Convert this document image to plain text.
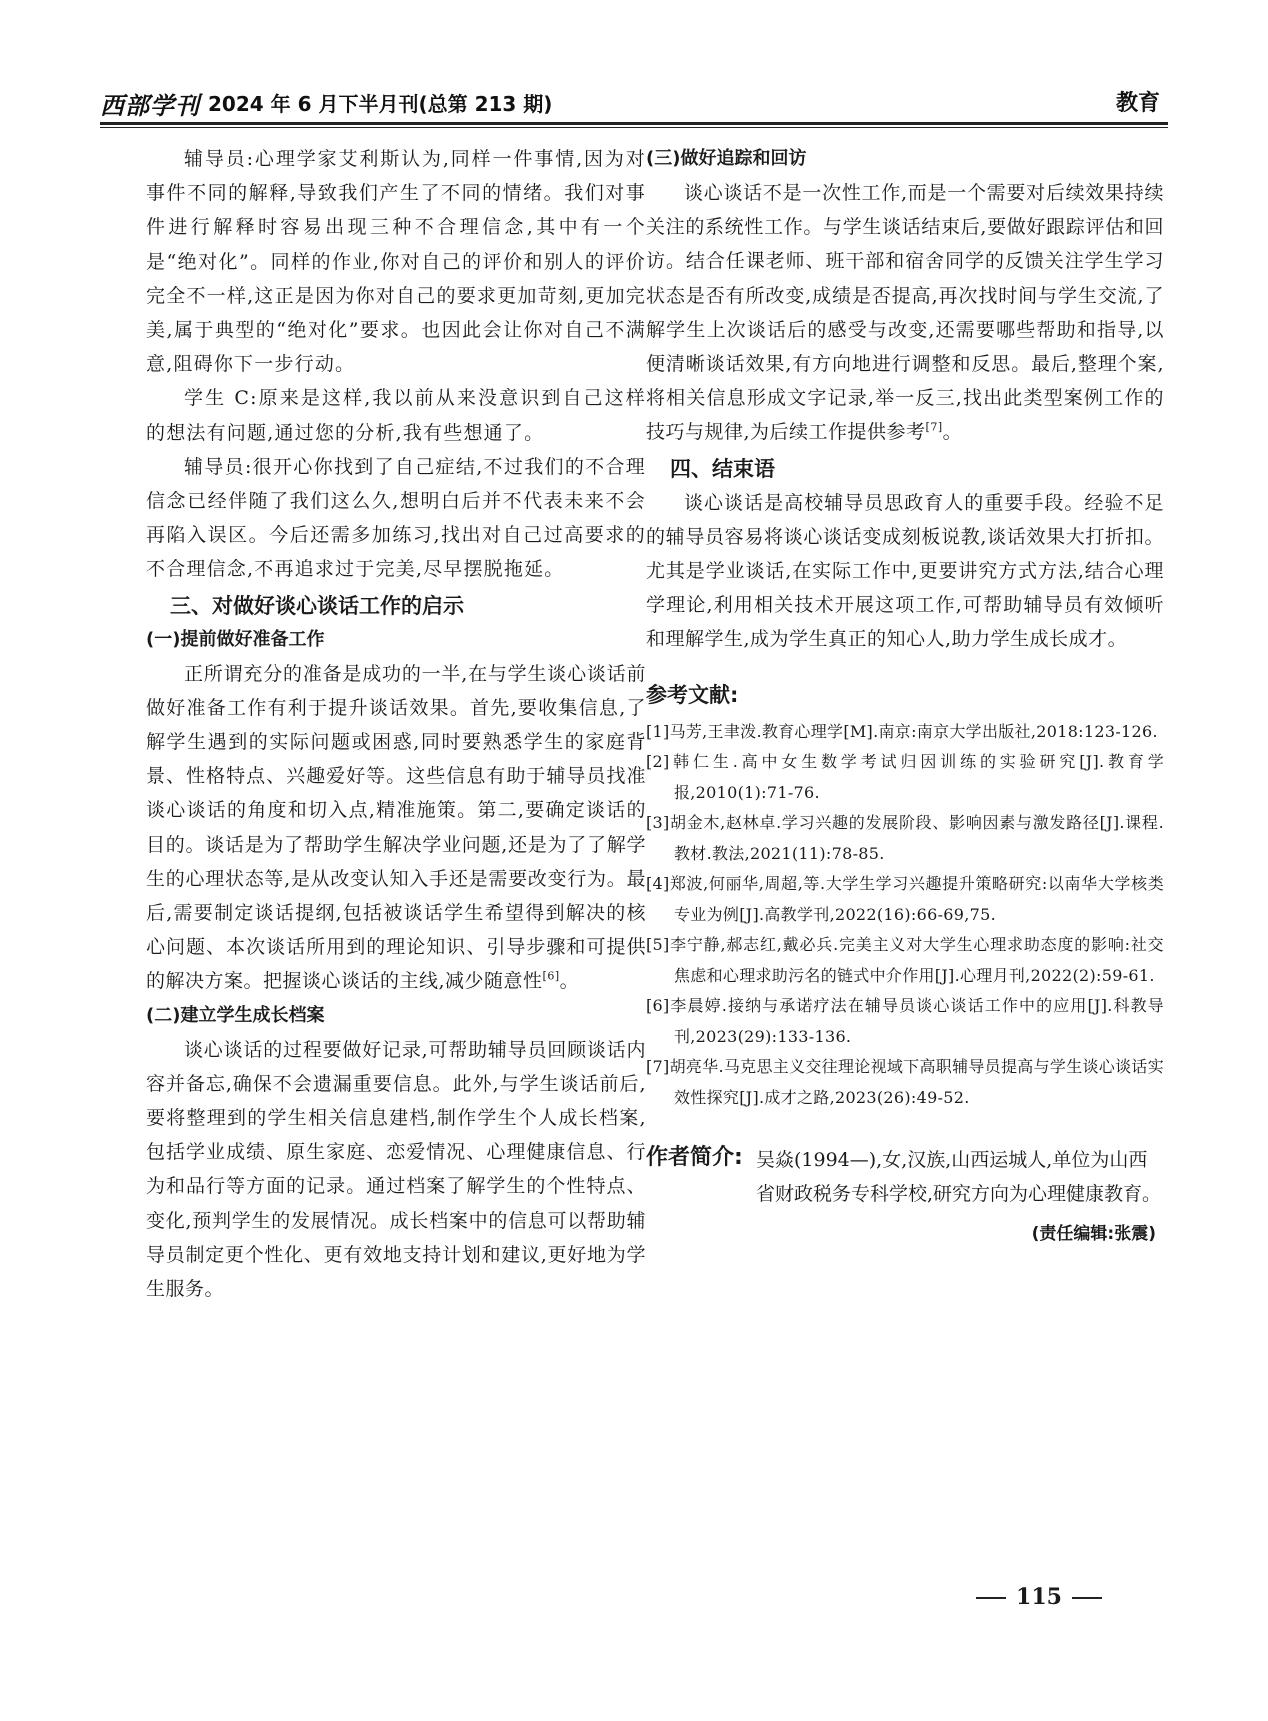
西部学刊 2024 年 6 月下半月刊(总第 213 期)	教育

辅导员:心理学家艾利斯认为,同样一件事情,因为对事件不同的解释,导致我们产生了不同的情绪。我们对事件进行解释时容易出现三种不合理信念,其中有一个是“绝对化”。同样的作业,你对自己的评价和别人的评价完全不一样,这正是因为你对自己的要求更加苛刻,更加完美,属于典型的“绝对化”要求。也因此会让你对自己不满意,阻碍你下一步行动。

学生 C:原来是这样,我以前从来没意识到自己这样的想法有问题,通过您的分析,我有些想通了。

辅导员:很开心你找到了自己症结,不过我们的不合理信念已经伴随了我们这么久,想明白后并不代表未来不会再陷入误区。今后还需多加练习,找出对自己过高要求的不合理信念,不再追求过于完美,尽早摆脱拖延。

三、对做好谈心谈话工作的启示
(一)提前做好准备工作

正所谓充分的准备是成功的一半,在与学生谈心谈话前做好准备工作有利于提升谈话效果。首先,要收集信息,了解学生遇到的实际问题或困惑,同时要熟悉学生的家庭背景、性格特点、兴趣爱好等。这些信息有助于辅导员找准谈心谈话的角度和切入点,精准施策。第二,要确定谈话的目的。谈话是为了帮助学生解决学业问题,还是为了了解学生的心理状态等,是从改变认知入手还是需要改变行为。最后,需要制定谈话提纲,包括被谈话学生希望得到解决的核心问题、本次谈话所用到的理论知识、引导步骤和可提供的解决方案。把握谈心谈话的主线,减少随意性[6]。

(二)建立学生成长档案

谈心谈话的过程要做好记录,可帮助辅导员回顾谈话内容并备忘,确保不会遗漏重要信息。此外,与学生谈话前后,要将整理到的学生相关信息建档,制作学生个人成长档案,包括学业成绩、原生家庭、恋爱情况、心理健康信息、行为和品行等方面的记录。通过档案了解学生的个性特点、变化,预判学生的发展情况。成长档案中的信息可以帮助辅导员制定更个性化、更有效地支持计划和建议,更好地为学生服务。

(三)做好追踪和回访

谈心谈话不是一次性工作,而是一个需要对后续效果持续关注的系统性工作。与学生谈话结束后,要做好跟踪评估和回访。结合任课老师、班干部和宿舍同学的反馈关注学生学习状态是否有所改变,成绩是否提高,再次找时间与学生交流,了解学生上次谈话后的感受与改变,还需要哪些帮助和指导,以便清晰谈话效果,有方向地进行调整和反思。最后,整理个案,将相关信息形成文字记录,举一反三,找出此类型案例工作的技巧与规律,为后续工作提供参考[7]。

四、结束语

谈心谈话是高校辅导员思政育人的重要手段。经验不足的辅导员容易将谈心谈话变成刻板说教,谈话效果大打折扣。尤其是学业谈话,在实际工作中,更要讲究方式方法,结合心理学理论,利用相关技术开展这项工作,可帮助辅导员有效倾听和理解学生,成为学生真正的知心人,助力学生成长成才。

参考文献:
[1]马芳,王聿泼.教育心理学[M].南京:南京大学出版社,2018:123-126.
[2]韩仁生.高中女生数学考试归因训练的实验研究[J].教育学报,2010(1):71-76.
[3]胡金木,赵林卓.学习兴趣的发展阶段、影响因素与激发路径[J].课程.教材.教法,2021(11):78-85.
[4]郑波,何丽华,周超,等.大学生学习兴趣提升策略研究:以南华大学核类专业为例[J].高教学刊,2022(16):66-69,75.
[5]李宁静,郝志红,戴必兵.完美主义对大学生心理求助态度的影响:社交焦虑和心理求助污名的链式中介作用[J].心理月刊,2022(2):59-61.
[6]李晨婷.接纳与承诺疗法在辅导员谈心谈话工作中的应用[J].科教导刊,2023(29):133-136.
[7]胡亮华.马克思主义交往理论视域下高职辅导员提高与学生谈心谈话实效性探究[J].成才之路,2023(26):49-52.
作者简介: 吴焱(1994—),女,汉族,山西运城人,单位为山西省财政税务专科学校,研究方向为心理健康教育。
(责任编辑:张震)
115
